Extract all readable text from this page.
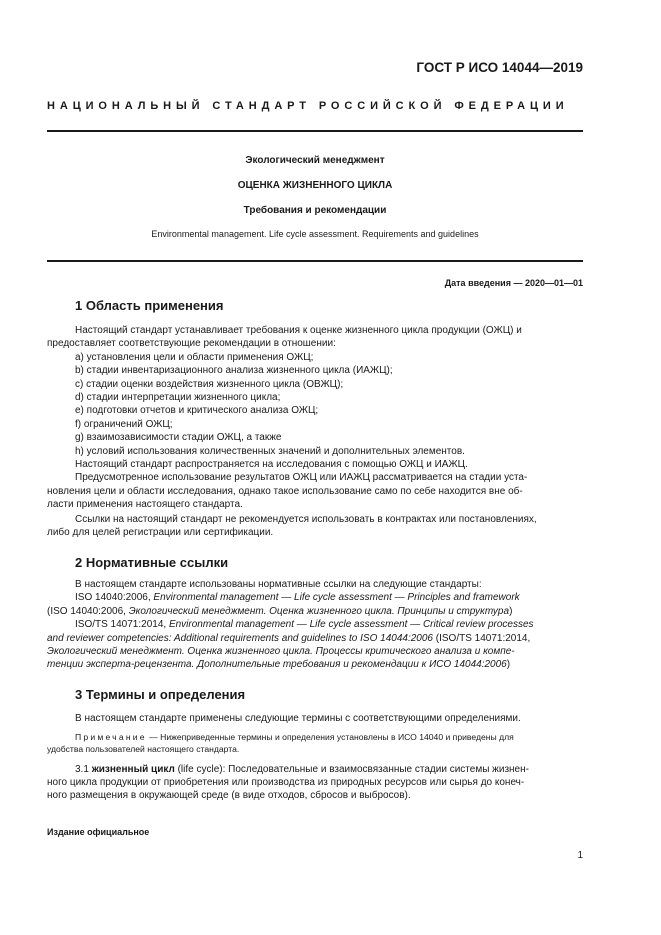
ГОСТ Р ИСО 14044—2019
НАЦИОНАЛЬНЫЙ СТАНДАРТ РОССИЙСКОЙ ФЕДЕРАЦИИ
Экологический менеджмент
ОЦЕНКА ЖИЗНЕННОГО ЦИКЛА
Требования и рекомендации
Environmental management. Life cycle assessment. Requirements and guidelines
Дата введения — 2020—01—01
1 Область применения

Настоящий стандарт устанавливает требования к оценке жизненного цикла продукции (ОЖЦ) и

предоставляет соответствующие рекомендации в отношении:

а) установления цели и области применения ОЖЦ;

b) стадии инвентаризационного анализа жизненного цикла (ИАЖЦ);

с) стадии оценки воздействия жизненного цикла (ОВЖЦ);

d) стадии интерпретации жизненного цикла;

е) подготовки отчетов и критического анализа ОЖЦ;

f) ограничений ОЖЦ;

g) взаимозависимости стадии ОЖЦ, а также

h) условий использования количественных значений и дополнительных элементов.

Настоящий стандарт распространяется на исследования с помощью ОЖЦ и ИАЖЦ.

Предусмотренное использование результатов ОЖЦ или ИАЖЦ рассматривается на стадии уста-

новления цели и области исследования, однако такое использование само по себе находится вне об-

ласти применения настоящего стандарта.

Ссылки на настоящий стандарт не рекомендуется использовать в контрактах или постановлениях,

либо для целей регистрации или сертификации.

2 Нормативные ссылки

В настоящем стандарте использованы нормативные ссылки на следующие стандарты:

ISO 14040:2006, Environmental management — Life cycle assessment — Principles and framework

(ISO 14040:2006, Экологический менеджмент. Оценка жизненного цикла. Принципы и структура)

ISO/TS 14071:2014, Environmental management — Life cycle assessment — Critical review processes

and reviewer competencies: Additional requirements and guidelines to ISO 14044:2006 (ISO/TS 14071:2014,

Экологический менеджмент. Оценка жизненного цикла. Процессы критического анализа и компе-

тенции эксперта-рецензента. Дополнительные требования и рекомендации к ИСО 14044:2006)

3 Термины и определения

В настоящем стандарте применены следующие термины с соответствующими определениями.

Примечание — Нижеприведенные термины и определения установлены в ИСО 14040 и приведены для

удобства пользователей настоящего стандарта.

3.1 жизненный цикл (life cycle): Последовательные и взаимосвязанные стадии системы жизнен-

ного цикла продукции от приобретения или производства из природных ресурсов или сырья до конеч-

ного размещения в окружающей среде (в виде отходов, сбросов и выбросов).

Издание официальное
1
